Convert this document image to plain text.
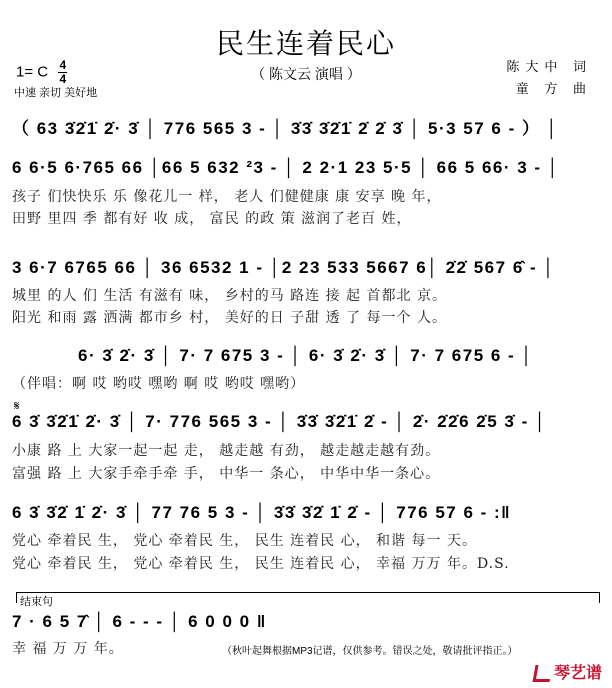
民生连着民心
（ 陈文云 演唱 ）
1= C $\frac{4}{4}$
中速 亲切 美好地
陈大中 词
童 方 曲
（ 63 3̇2̇1̇ 2̇· 3̇ │ 776 565 3 - │ 3̇3̇ 3̇2̇1̇ 2̇ 2̇ 3̇ │ 5·3 57 6 - ） │
6 6·5 6·765 66 │66 5 632 ²3 - │ 2 2·1 23 5·5 │ 66 5 66· 3 - │
孩子 们快快乐 乐 像花儿一 样， 老人 们健健康 康 安享 晚 年，
田野 里四 季 都有好 收 成， 富民 的政 策 滋润了老百 姓，
3 6·7 6765 66 │ 36 6532 1 - │2 23 533 5667 6│ 2̇2̇ 567 6̂ - │
城里 的人 们 生活 有滋有 味， 乡村的马 路连 接 起 首都北 京。
阳光 和雨 露 洒满 都市乡 村， 美好的日 子甜 透 了 每一个 人。
6· 3̇ 2̇· 3̇ │ 7· 7 675 3 - │ 6· 3̇ 2̇· 3̇ │ 7· 7 675 6 - │
（伴唱：啊 哎 哟哎 嘿哟 啊 哎 哟哎 嘿哟）
𝄋
6 3̇ 3̇2̇1̇ 2̇· 3̇ │ 7· 776 565 3 - │ 3̇3̇ 3̇2̇1̇ 2̇ - │ 2̇· 2̇2̇6 2̇5 3̇ - │
小康 路 上 大家一起一起 走， 越走越 有劲， 越走越走越有劲。
富强 路 上 大家手牵手牵 手， 中华一 条心， 中华中华一条心。
6 3̇ 3̇2̇ 1̇ 2̇· 3̇ │ 77 76 5 3 - │ 3̇3̇ 3̇2̇ 1̇ 2̇ - │ 776 57 6 - :‖
党心 牵着民 生， 党心 牵着民 生， 民生 连着民 心， 和谐 每一 天。
党心 牵着民 生， 党心 牵着民 生， 民生 连着民 心， 幸福 万万 年。D.S.
结束句
7 · 6 5 7̂ │ 6 - - - │ 6 0 0 0 ‖
幸 福 万 万 年。	（秋叶起舞根据MP3记谱，仅供参考。错误之处，敬请批评指正。）
琴艺谱
